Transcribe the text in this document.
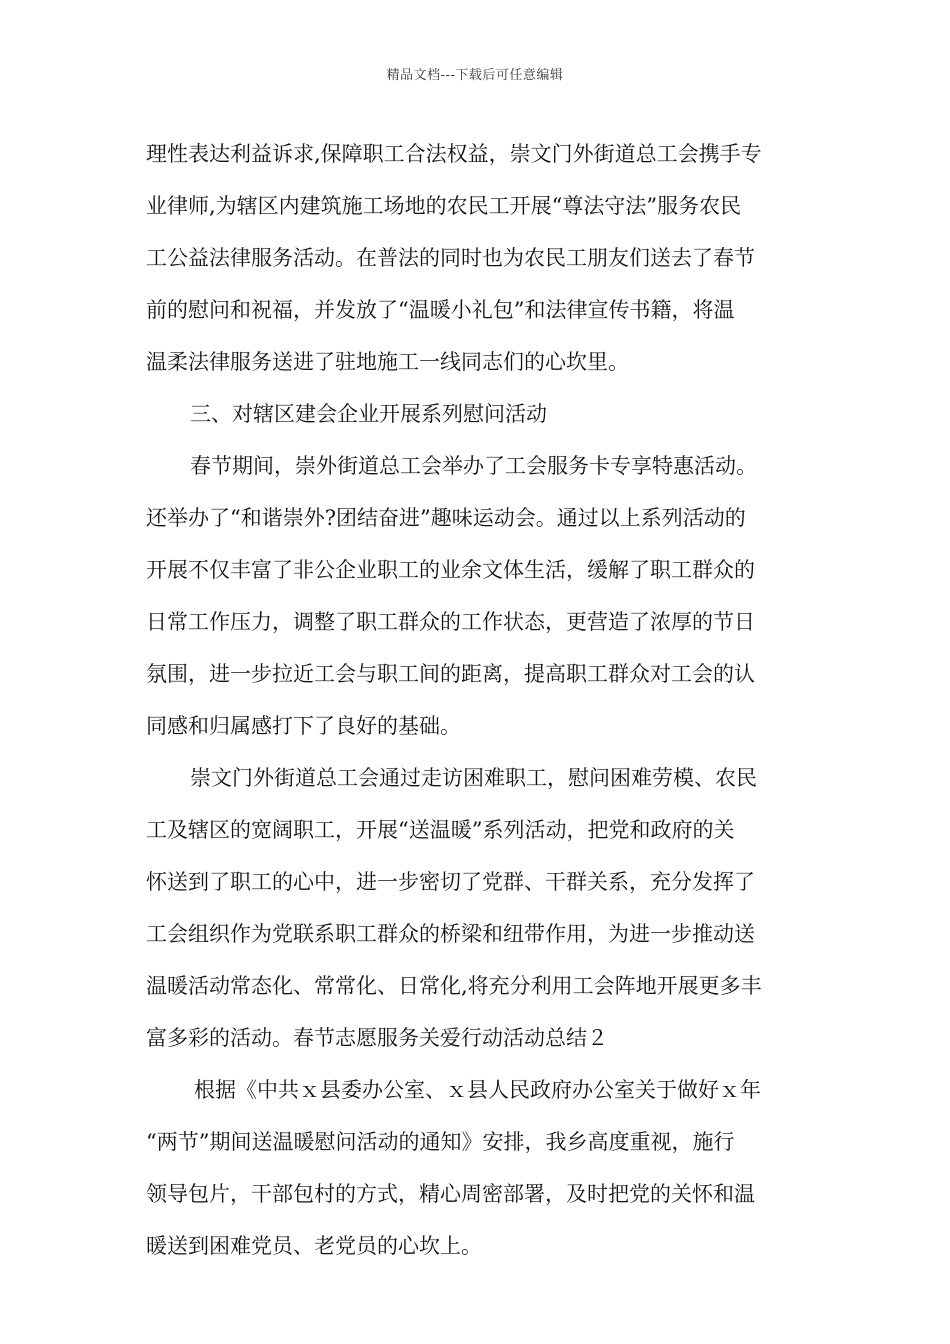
精品文档---下载后可任意编辑
理性表达利益诉求,保障职工合法权益，崇文门外街道总工会携手专
业律师,为辖区内建筑施工场地的农民工开展“尊法守法”服务农民
工公益法律服务活动。在普法的同时也为农民工朋友们送去了春节
前的慰问和祝福，并发放了“温暖小礼包”和法律宣传书籍，将温
温柔法律服务送进了驻地施工一线同志们的心坎里。
三、对辖区建会企业开展系列慰问活动
春节期间，崇外街道总工会举办了工会服务卡专享特惠活动。
还举办了“和谐崇外?团结奋进”趣味运动会。通过以上系列活动的
开展不仅丰富了非公企业职工的业余文体生活，缓解了职工群众的
日常工作压力，调整了职工群众的工作状态，更营造了浓厚的节日
氛围，进一步拉近工会与职工间的距离，提高职工群众对工会的认
同感和归属感打下了良好的基础。
崇文门外街道总工会通过走访困难职工，慰问困难劳模、农民
工及辖区的宽阔职工，开展“送温暖”系列活动，把党和政府的关
怀送到了职工的心中，进一步密切了党群、干群关系，充分发挥了
工会组织作为党联系职工群众的桥梁和纽带作用，为进一步推动送
温暖活动常态化、常常化、日常化,将充分利用工会阵地开展更多丰
富多彩的活动。春节志愿服务关爱行动活动总结２
根据《中共ｘ县委办公室、ｘ县人民政府办公室关于做好ｘ年
“两节”期间送温暖慰问活动的通知》安排，我乡高度重视，施行
领导包片，干部包村的方式，精心周密部署，及时把党的关怀和温
暖送到困难党员、老党员的心坎上。
